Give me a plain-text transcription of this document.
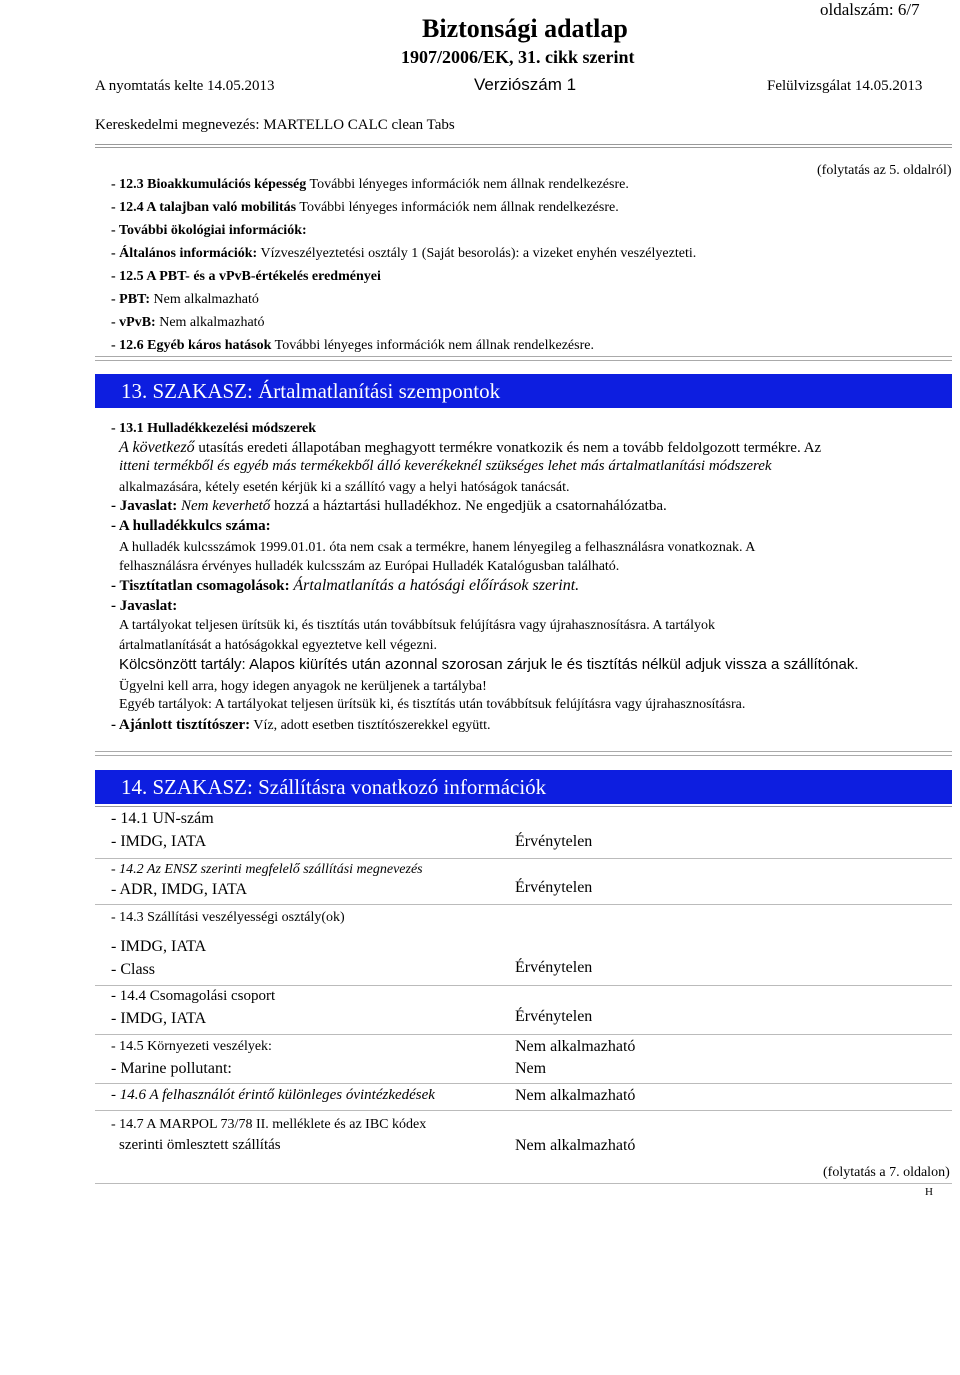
oldalszám: 6/7
Biztonsági adatlap
1907/2006/EK, 31. cikk szerint
A nyomtatás kelte 14.05.2013	Verziószám 1	Felülvizsgálat 14.05.2013
Kereskedelmi megnevezés: MARTELLO CALC clean Tabs
(folytatás az 5. oldalról)
- 12.3 Bioakkumulációs képesség További lényeges információk nem állnak rendelkezésre.
- 12.4 A talajban való mobilitás További lényeges információk nem állnak rendelkezésre.
- További ökológiai információk:
- Általános információk: Vízveszélyeztetési osztály 1 (Saját besorolás): a vizeket enyhén veszélyezteti.
- 12.5 A PBT- és a vPvB-értékelés eredményei
- PBT: Nem alkalmazható
- vPvB: Nem alkalmazható
- 12.6 Egyéb káros hatások További lényeges információk nem állnak rendelkezésre.
13. SZAKASZ: Ártalmatlanítási szempontok
- 13.1 Hulladékkezelési módszerek
A következő utasítás eredeti állapotában meghagyott termékre vonatkozik és nem a tovább feldolgozott termékre. Az
itteni termékből és egyéb más termékekből álló keverékeknél szükséges lehet más ártalmatlanítási módszerek
alkalmazására, kétely esetén kérjük ki a szállító vagy a helyi hatóságok tanácsát.
- Javaslat: Nem keverhető hozzá a háztartási hulladékhoz. Ne engedjük a csatornahálózatba.
- A hulladékkulcs száma:
A hulladék kulcsszámok 1999.01.01. óta nem csak a termékre, hanem lényegileg a felhasználásra vonatkoznak. A
felhasználásra érvényes hulladék kulcsszám az Európai Hulladék Katalógusban található.
- Tisztítatlan csomagolások: Ártalmatlanítás a hatósági előírások szerint.
- Javaslat:
A tartályokat teljesen ürítsük ki, és tisztítás után továbbítsuk felújításra vagy újrahasznosításra. A tartályok
ártalmatlanítását a hatóságokkal egyeztetve kell végezni.
Kölcsönzött tartály: Alapos kiürítés után azonnal szorosan zárjuk le és tisztítás nélkül adjuk vissza a szállítónak.
Ügyelni kell arra, hogy idegen anyagok ne kerüljenek a tartályba!
Egyéb tartályok: A tartályokat teljesen ürítsük ki, és tisztítás után továbbítsuk felújításra vagy újrahasznosításra.
- Ajánlott tisztítószer: Víz, adott esetben tisztítószerekkel együtt.
14. SZAKASZ: Szállításra vonatkozó információk
- 14.1 UN-szám
- IMDG, IATA	Érvénytelen
- 14.2 Az ENSZ szerinti megfelelő szállítási megnevezés
- ADR, IMDG, IATA	Érvénytelen
- 14.3 Szállítási veszélyességi osztály(ok)
- IMDG, IATA
- Class	Érvénytelen
- 14.4 Csomagolási csoport
- IMDG, IATA	Érvénytelen
- 14.5 Környezeti veszélyek:	Nem alkalmazható
- Marine pollutant:	Nem
- 14.6 A felhasználót érintő különleges óvintézkedések	Nem alkalmazható
- 14.7 A MARPOL 73/78 II. melléklete és az IBC kódex
szerinti ömlesztett szállítás	Nem alkalmazható
(folytatás a 7. oldalon)
H
